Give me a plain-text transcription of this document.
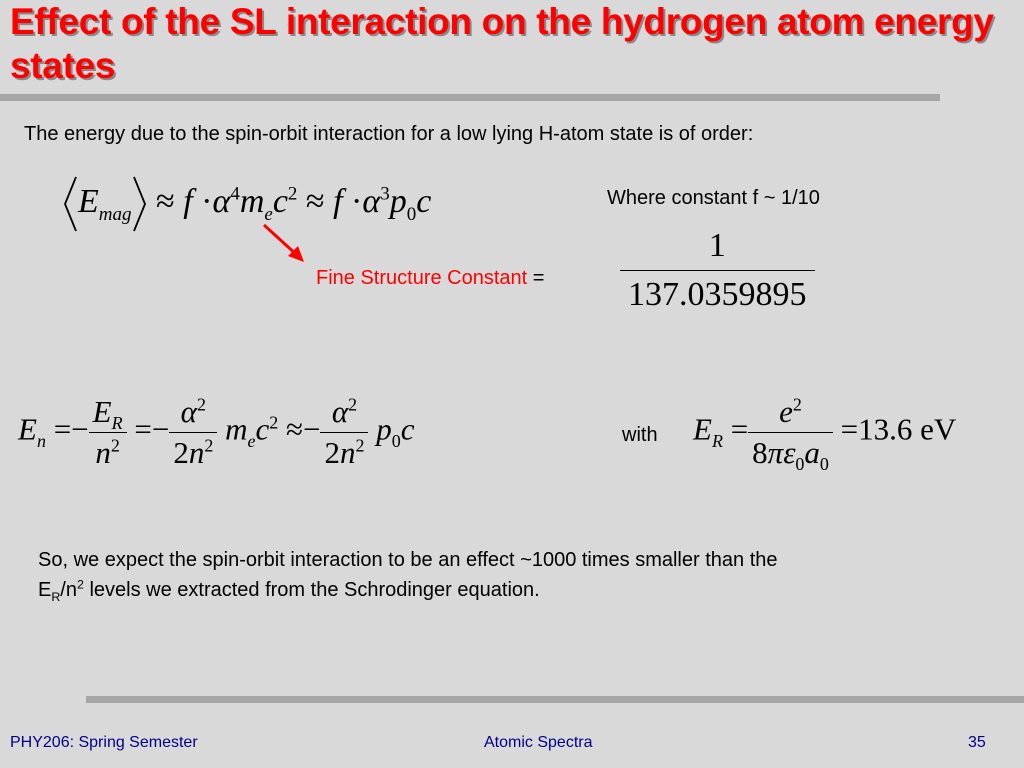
Effect of the SL interaction on the hydrogen atom energy states
The energy due to the spin-orbit interaction for a low lying H-atom state is of order:
$E_{mag} \approx f \cdot\alpha^4m_ec^2 \approx f \cdot\alpha^3p_0c$	Where constant f ~ 1/10
Fine Structure Constant = $\frac{1}{137.0359895}$
$E_n =- \frac{E_R}{n^2} =- \frac{\alpha^2}{2n^2} m_ec^2 \approx- \frac{\alpha^2}{2n^2} p_0c$	with $E_R = \frac{e^2}{8\pi\varepsilon_0a_0} =13.6$ eV
So, we expect the spin-orbit interaction to be an effect ~1000 times smaller than the
$E_R/n^2$ levels we extracted from the Schrodinger equation.
PHY206: Spring Semester	Atomic Spectra	35
